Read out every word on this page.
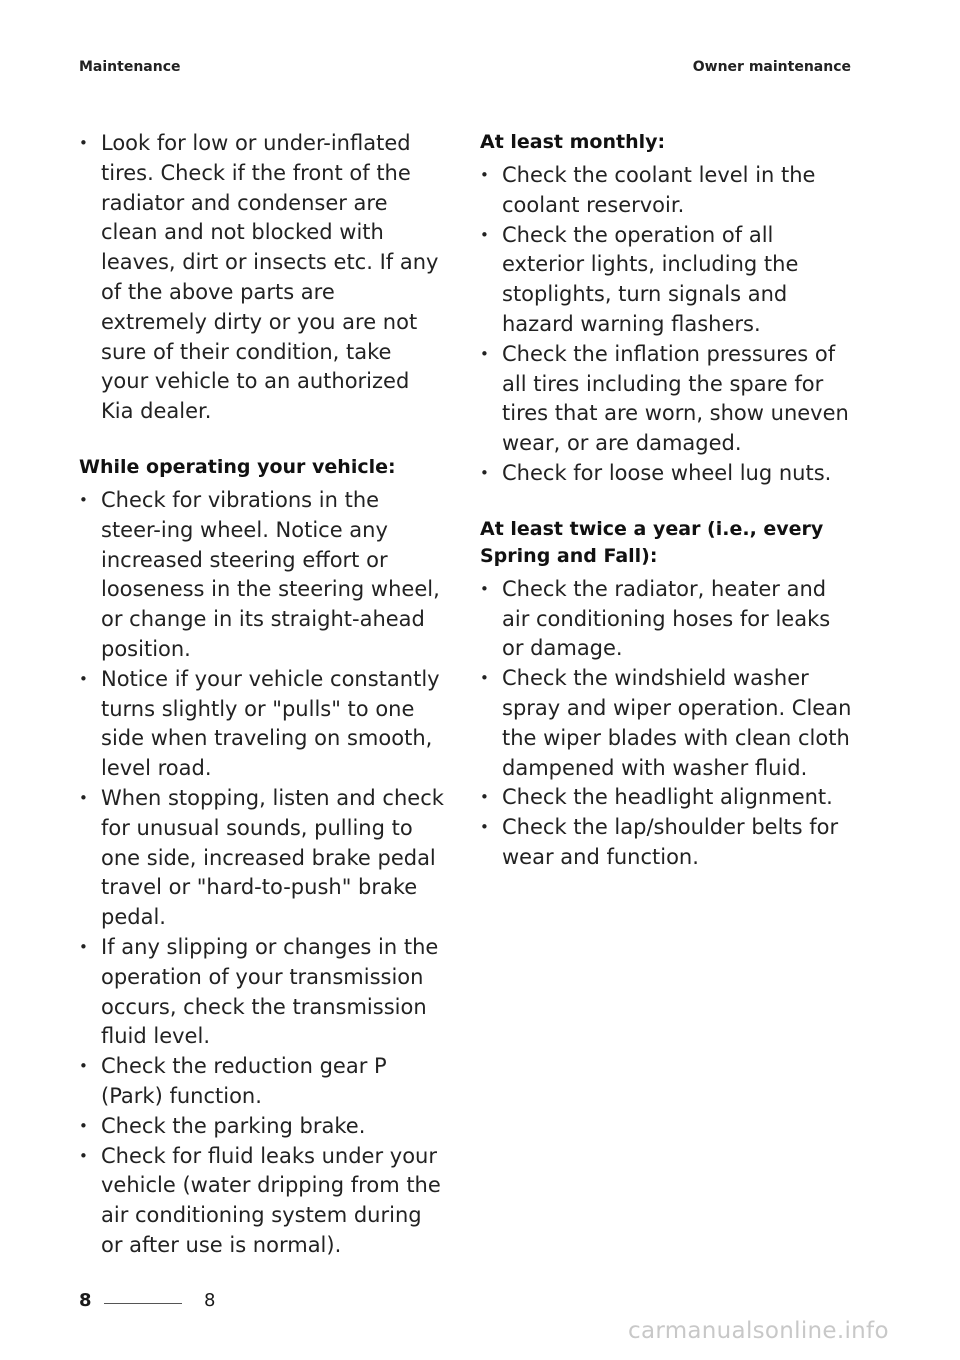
Maintenance	Owner maintenance
• Look for low or under-inflated tires. Check if the front of the radiator and condenser are clean and not blocked with leaves, dirt or insects etc. If any of the above parts are extremely dirty or you are not sure of their condition, take your vehicle to an authorized Kia dealer.
While operating your vehicle:
• Check for vibrations in the steer-ing wheel. Notice any increased steering effort or looseness in the steering wheel, or change in its straight-ahead position.
• Notice if your vehicle constantly turns slightly or "pulls" to one side when traveling on smooth, level road.
• When stopping, listen and check for unusual sounds, pulling to one side, increased brake pedal travel or "hard-to-push" brake pedal.
• If any slipping or changes in the operation of your transmission occurs, check the transmission fluid level.
• Check the reduction gear P (Park) function.
• Check the parking brake.
• Check for fluid leaks under your vehicle (water dripping from the air conditioning system during or after use is normal).
At least monthly:
• Check the coolant level in the coolant reservoir.
• Check the operation of all exterior lights, including the stoplights, turn signals and hazard warning flashers.
• Check the inflation pressures of all tires including the spare for tires that are worn, show uneven wear, or are damaged.
• Check for loose wheel lug nuts.
At least twice a year (i.e., every Spring and Fall):
• Check the radiator, heater and air conditioning hoses for leaks or damage.
• Check the windshield washer spray and wiper operation. Clean the wiper blades with clean cloth dampened with washer fluid.
• Check the headlight alignment.
• Check the lap/shoulder belts for wear and function.
8	8
carmanualsonline.info
